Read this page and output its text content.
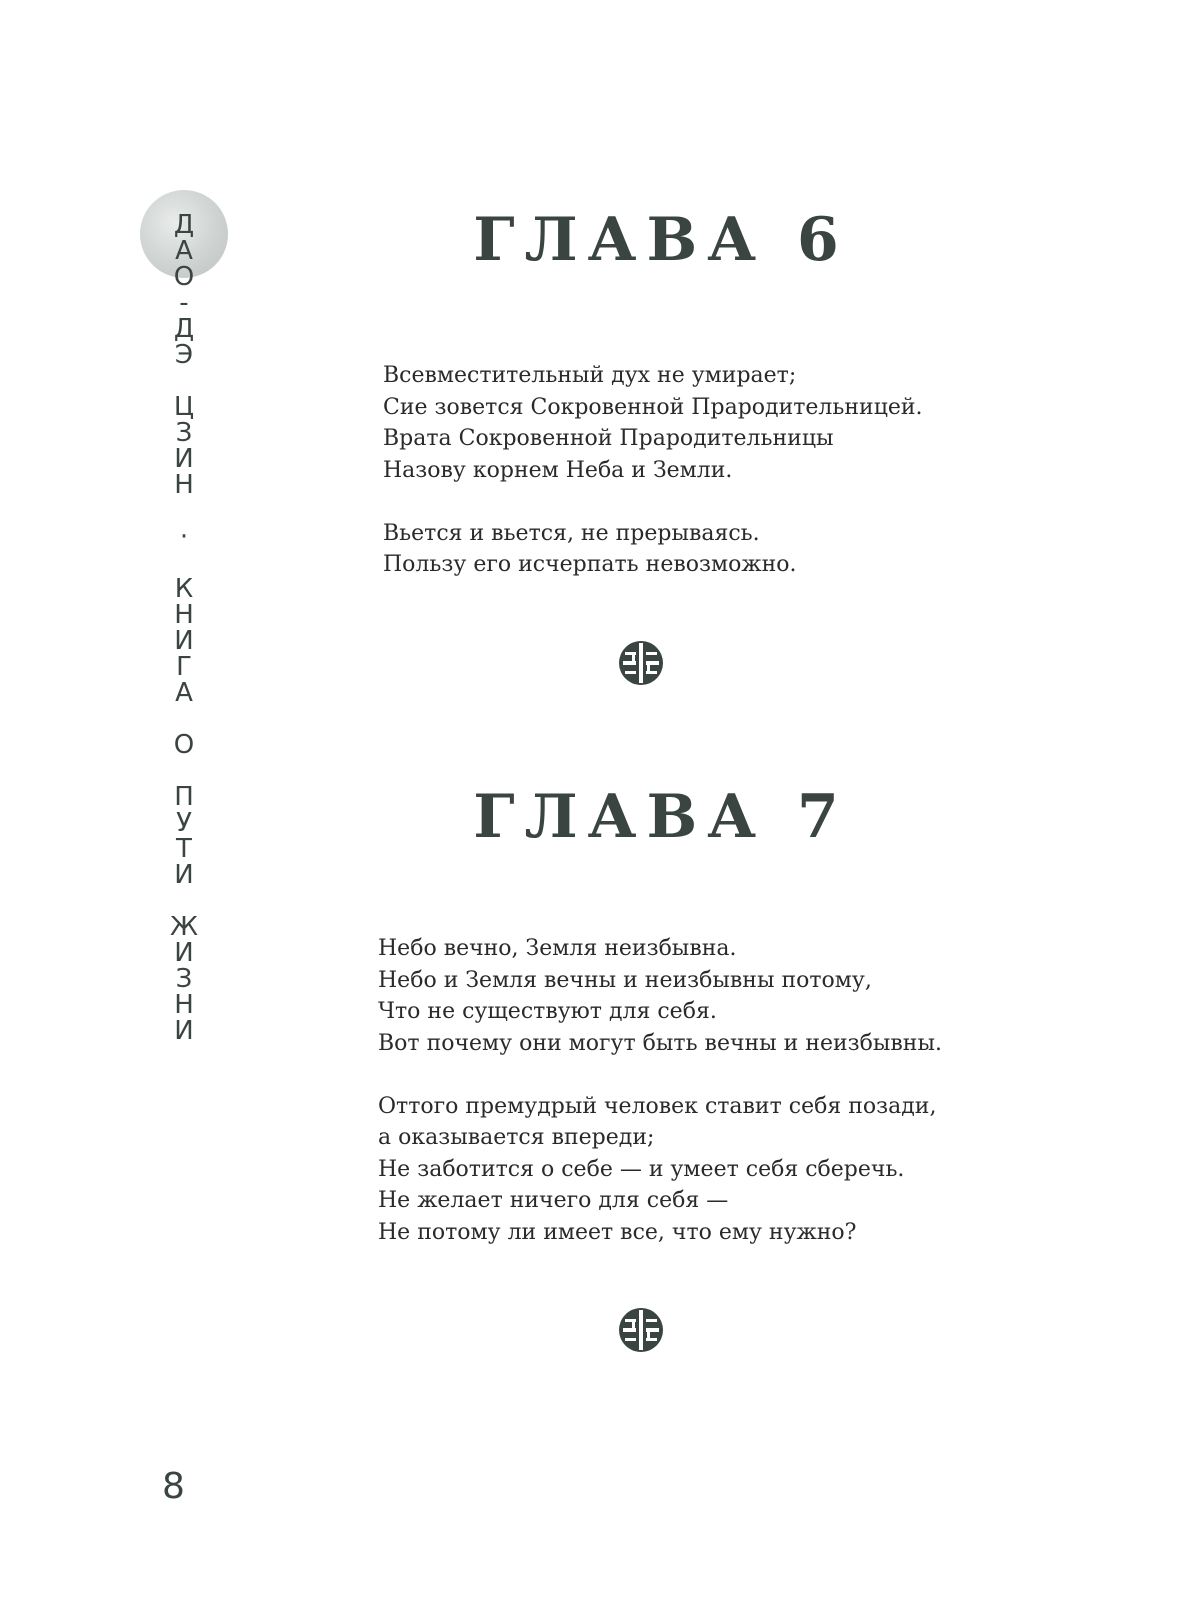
Д
А
О
-
Д
Э
Ц
З
И
Н
·
К
Н
И
Г
А
О
П
У
Т
И
Ж
И
З
Н
И
ГЛАВА 6
Всевместительный дух не умирает;
Сие зовется Сокровенной Прародительницей.
Врата Сокровенной Прародительницы
Назову корнем Неба и Земли.
Вьется и вьется, не прерываясь.
Пользу его исчерпать невозможно.
ГЛАВА 7
Небо вечно, Земля неизбывна.
Небо и Земля вечны и неизбывны потому,
Что не существуют для себя.
Вот почему они могут быть вечны и неизбывны.
Оттого премудрый человек ставит себя позади,
а оказывается впереди;
Не заботится о себе — и умеет себя сберечь.
Не желает ничего для себя —
Не потому ли имеет все, что ему нужно?
8
